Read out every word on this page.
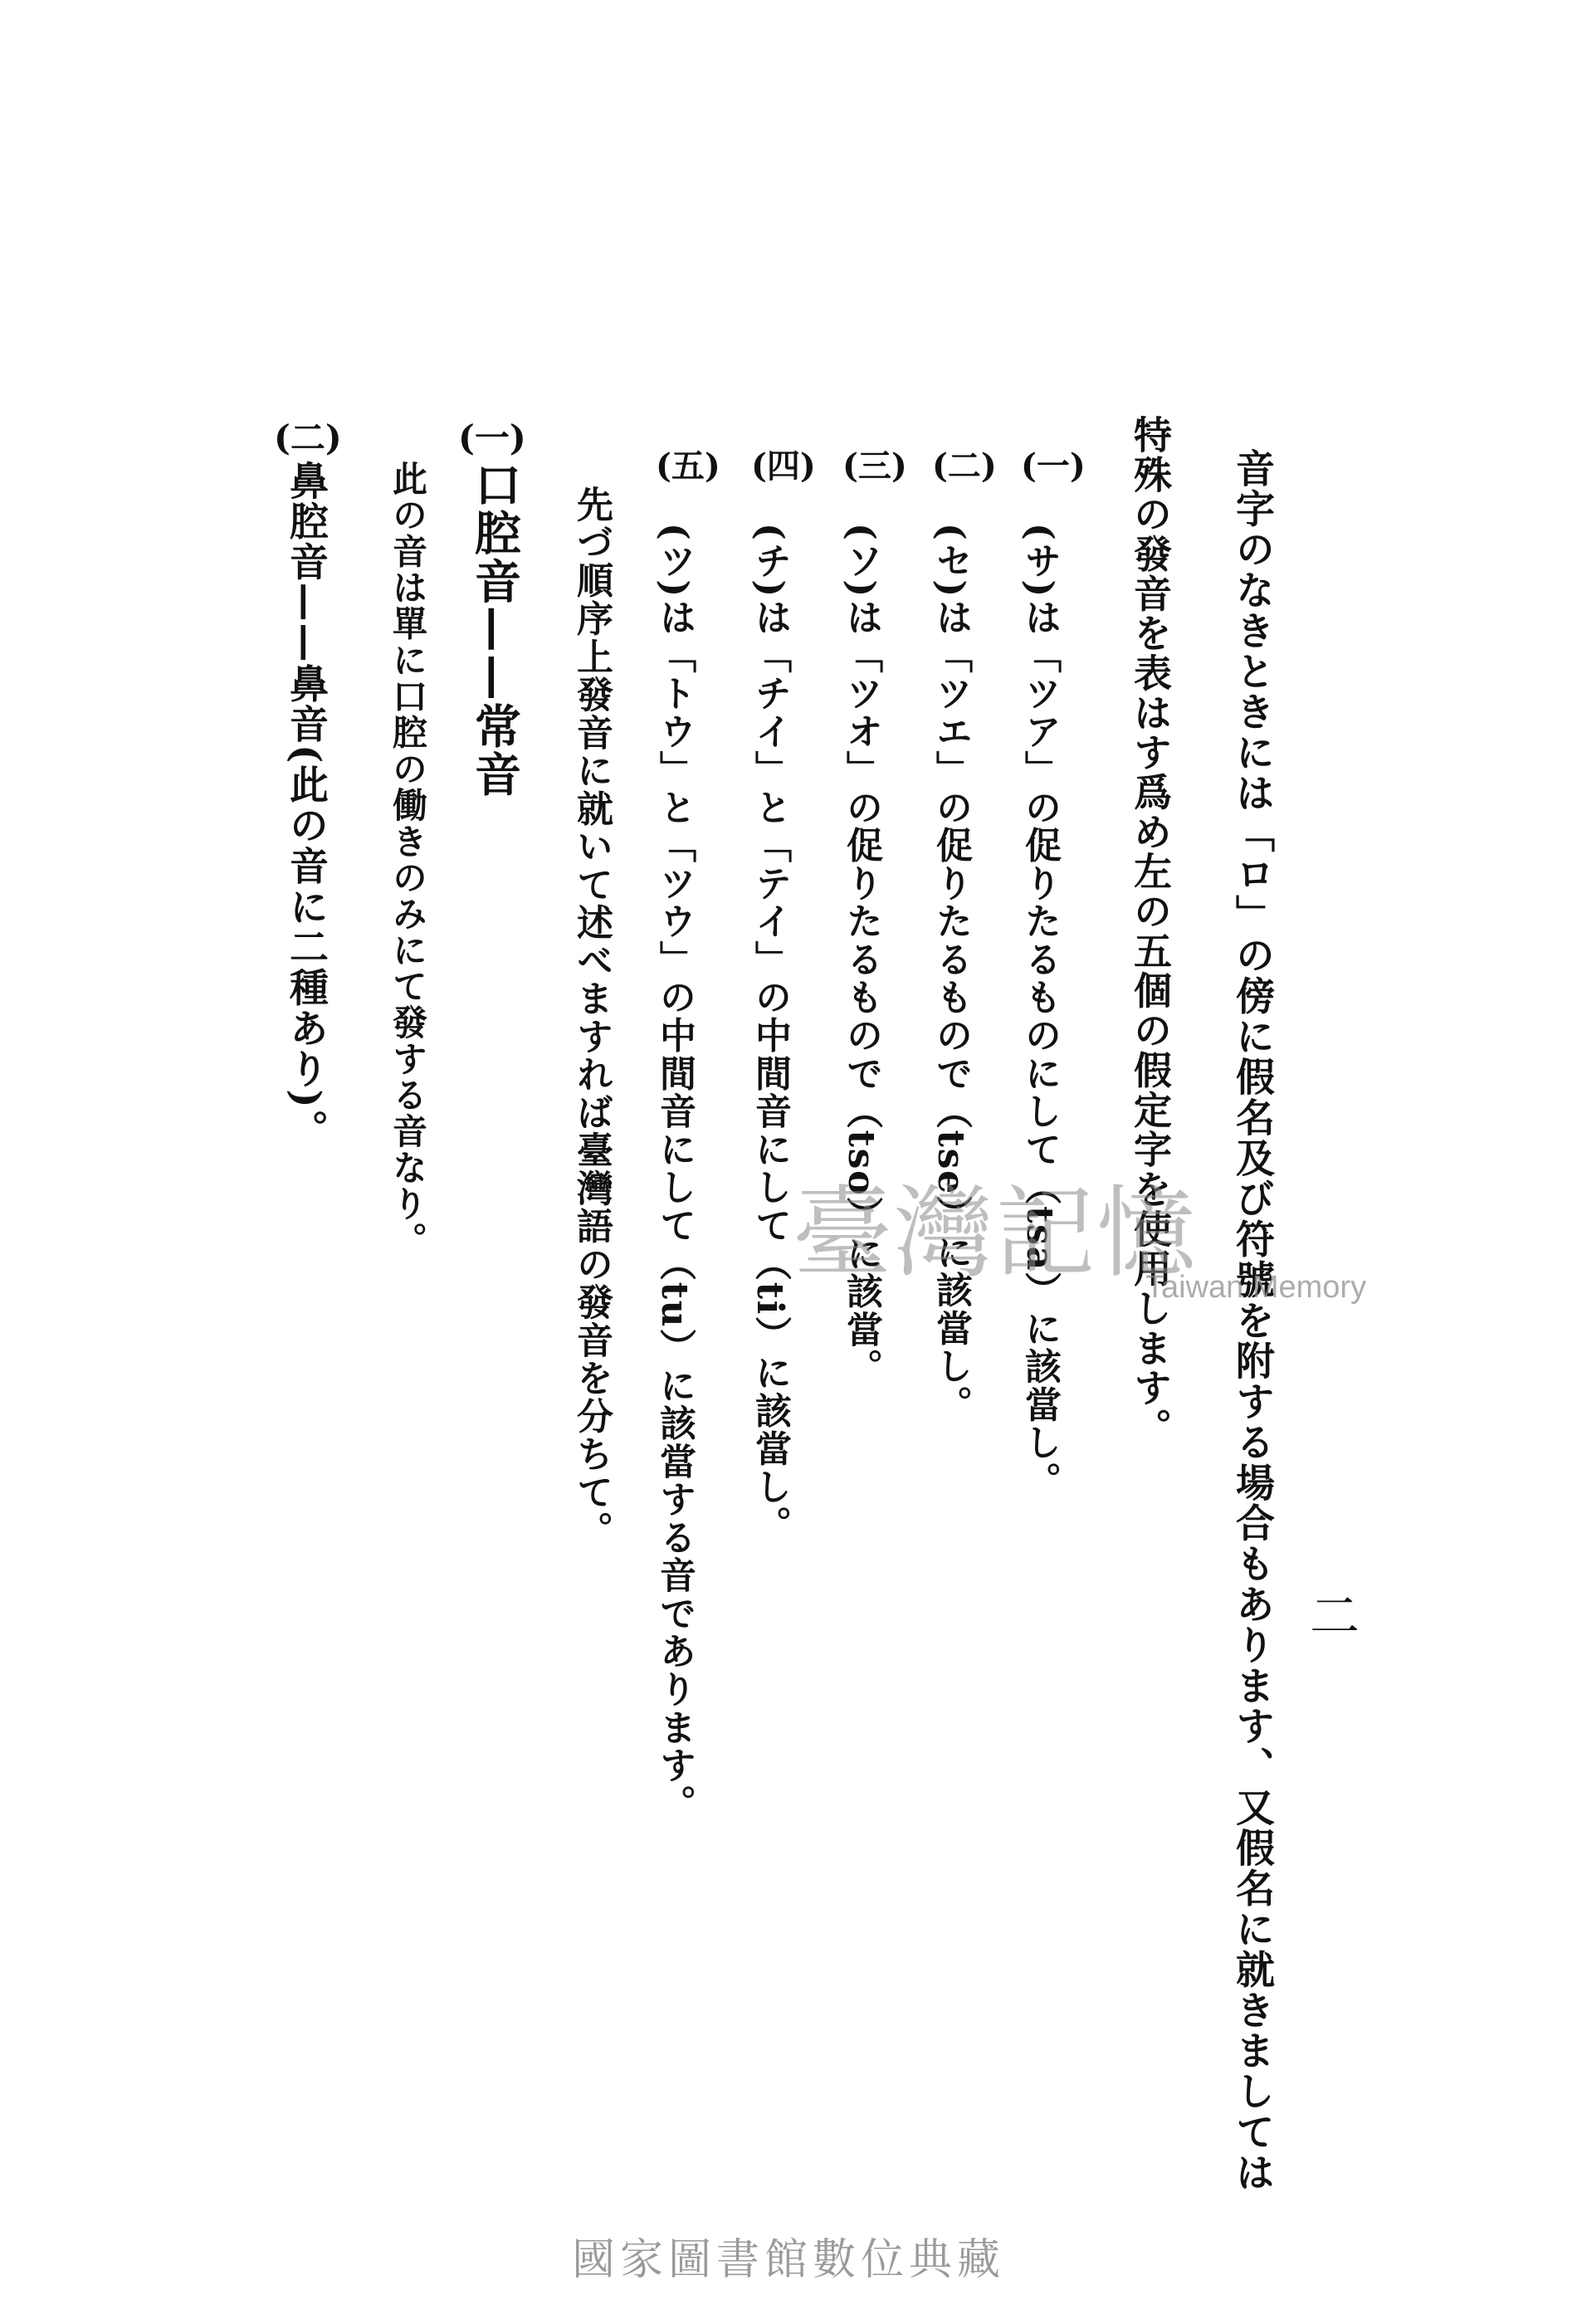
二
音字のなきときには「ロ」の傍に假名及び符號を附する場合もあります、又假名に就きましては
特殊の發音を表はす爲め左の五個の假定字を使用します。
(一)
(サ)は「ツア」の促りたるものにして（tsa）に該當し。
(二)
(セ)は「ツエ」の促りたるもので（tse）に該當し。
(三)
(ソ)は「ツオ」の促りたるもので（tso）に該當。
(四)
(チ)は「チイ」と「テイ」の中間音にして（ti）に該當し。
(五)
(ツ)は「トウ」と「ツウ」の中間音にして（tu）に該當する音であります。
先づ順序上發音に就いて述べますれば臺灣語の發音を分ちて。
(一)
口腔音——常音
此の音は單に口腔の働きのみにて發する音なり。
(二)
鼻腔音——鼻音(此の音に二種あり)。
臺灣記憶
Taiwan Memory
國家圖書館數位典藏
